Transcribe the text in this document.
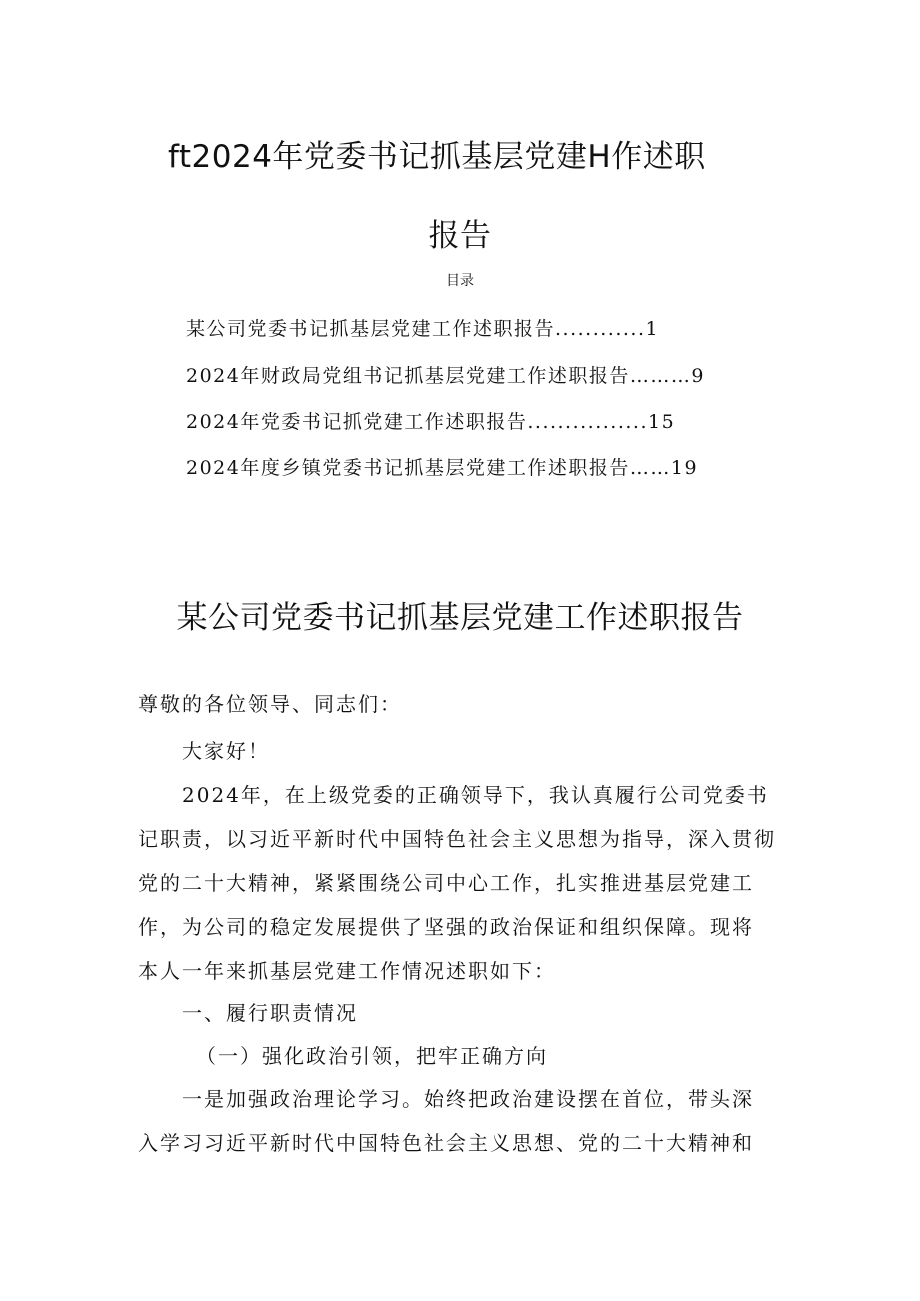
ft2024年党委书记抓基层党建H作述职
报告
目录
某公司党委书记抓基层党建工作述职报告............1
2024年财政局党组书记抓基层党建工作述职报告………9
2024年党委书记抓党建工作述职报告................15
2024年度乡镇党委书记抓基层党建工作述职报告……19
某公司党委书记抓基层党建工作述职报告
尊敬的各位领导、同志们：
大家好！
2024年，在上级党委的正确领导下，我认真履行公司党委书
记职责，以习近平新时代中国特色社会主义思想为指导，深入贯彻
党的二十大精神，紧紧围绕公司中心工作，扎实推进基层党建工
作，为公司的稳定发展提供了坚强的政治保证和组织保障。现将
本人一年来抓基层党建工作情况述职如下：
一、履行职责情况
（一）强化政治引领，把牢正确方向
一是加强政治理论学习。始终把政治建设摆在首位，带头深
入学习习近平新时代中国特色社会主义思想、党的二十大精神和
